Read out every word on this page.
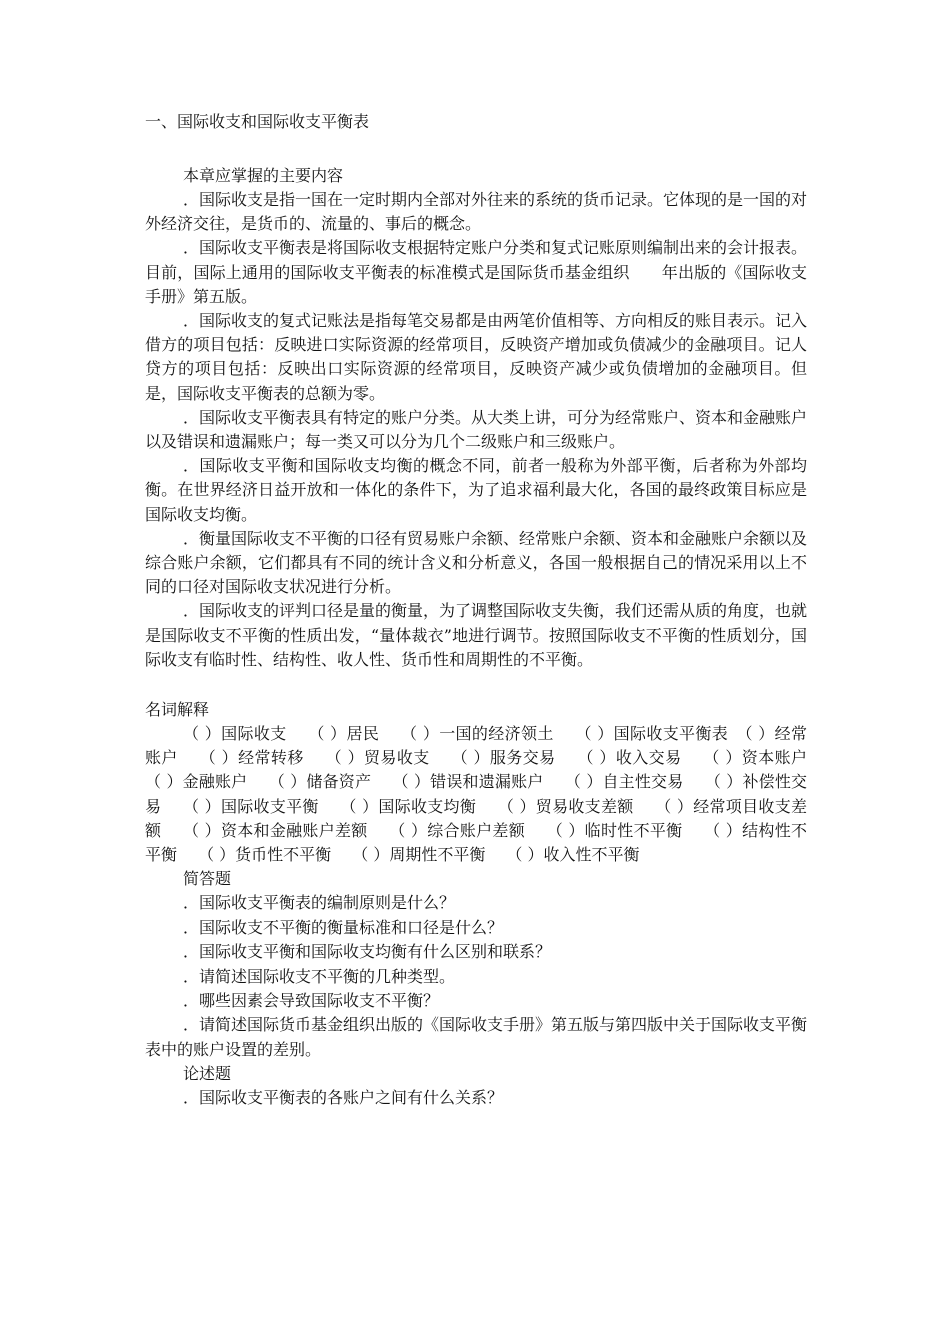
一、国际收支和国际收支平衡表

本章应掌握的主要内容

．国际收支是指一国在一定时期内全部对外往来的系统的货币记录。它体现的是一国的对外经济交往，是货币的、流量的、事后的概念。

．国际收支平衡表是将国际收支根据特定账户分类和复式记账原则编制出来的会计报表。目前，国际上通用的国际收支平衡表的标准模式是国际货币基金组织　　年出版的《国际收支手册》第五版。

．国际收支的复式记账法是指每笔交易都是由两笔价值相等、方向相反的账目表示。记入借方的项目包括：反映进口实际资源的经常项目，反映资产增加或负债减少的金融项目。记人贷方的项目包括：反映出口实际资源的经常项目，反映资产减少或负债增加的金融项目。但是，国际收支平衡表的总额为零。

．国际收支平衡表具有特定的账户分类。从大类上讲，可分为经常账户、资本和金融账户以及错误和遗漏账户；每一类又可以分为几个二级账户和三级账户。

．国际收支平衡和国际收支均衡的概念不同，前者一般称为外部平衡，后者称为外部均衡。在世界经济日益开放和一体化的条件下，为了追求福利最大化，各国的最终政策目标应是国际收支均衡。

．衡量国际收支不平衡的口径有贸易账户余额、经常账户余额、资本和金融账户余额以及综合账户余额，它们都具有不同的统计含义和分析意义，各国一般根据自己的情况采用以上不同的口径对国际收支状况进行分析。

．国际收支的评判口径是量的衡量，为了调整国际收支失衡，我们还需从质的角度，也就是国际收支不平衡的性质出发，“量体裁衣”地进行调节。按照国际收支不平衡的性质划分，国际收支有临时性、结构性、收人性、货币性和周期性的不平衡。

名词解释

（ ）国际收支　 （ ）居民　 （ ）一国的经济领土　 （ ）国际收支平衡表　（ ）经常账户　 （ ）经常转移　 （ ）贸易收支　 （ ）服务交易　 （ ）收入交易　 （ ）资本账户　 （ ）金融账户　 （ ）储备资产　 （ ）错误和遗漏账户　 （ ）自主性交易　 （ ）补偿性交易　 （ ）国际收支平衡　 （ ）国际收支均衡　 （ ）贸易收支差额　 （ ）经常项目收支差额　 （ ）资本和金融账户差额　 （ ）综合账户差额　 （ ）临时性不平衡　 （ ）结构性不平衡　 （ ）货币性不平衡　 （ ）周期性不平衡　 （ ）收入性不平衡

简答题

．国际收支平衡表的编制原则是什么？

．国际收支不平衡的衡量标准和口径是什么？

．国际收支平衡和国际收支均衡有什么区别和联系？

．请简述国际收支不平衡的几种类型。

．哪些因素会导致国际收支不平衡？

．请简述国际货币基金组织出版的《国际收支手册》第五版与第四版中关于国际收支平衡表中的账户设置的差别。

论述题

．国际收支平衡表的各账户之间有什么关系？
